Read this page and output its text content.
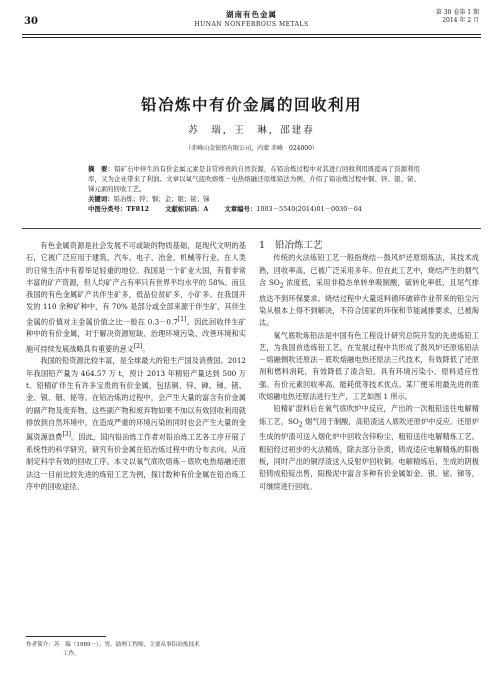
30
湖南有色金属
HUNAN NONFERROUS METALS
第 30 卷第 1 期
2014 年 2 月
铅冶炼中有价金属的回收利用
苏　瑞，王　琳，邵建春
（赤峰山金银铅有限公司，内蒙 赤峰　024000）

摘　要：铅矿石中伴生的有价金属元素是非常珍贵的自然资源，在铅冶炼过程中对其进行回收利用既提高了资源利用率，又为企业带来了利润。文章以氧气底吹熔炼－电热熔融还原炼铅法为例，介绍了铅冶炼过程中铜、锌、银、铋、锑元素的回收工艺。

关键词：铅冶炼；锌；铜；金；银；铋；锑

中图分类号：TF812	文献标识码：A	文章编号：1003－5540(2014)01－0030－04

有色金属资源是社会发展不可或缺的物质基础，是现代文明的基石，它被广泛应用于建筑、汽车、电子、冶金、机械等行业，在人类的日常生活中有着举足轻重的地位。我国是一个矿业大国，有着非常丰富的矿产资源，但人均矿产占有率只有世界平均水平的 58%。而且我国的有色金属矿产共伴生矿多，低品位贫矿多，小矿多。在我国开发的 110 余种矿种中，有 70% 是部分或全部来源于伴生矿，其伴生金属的价值对主金属价值之比一般在 0.3－0.7[1]。因此回收伴生矿种中的有价金属，对于解决资源短缺、治理环境污染、改善环境和实施可持续发展战略具有重要的意义[2]。

我国的铅资源比较丰富，是全球最大的铅生产国及消费国。2012 年我国铅产量为 464.57 万 t，预计 2013 年精铅产量达到 500 万 t。铅精矿伴生有许多宝贵的有价金属，包括铜、锌、砷、锑、锗、金、银、铟、铋等。在铅冶炼的过程中，会产生大量的富含有价金属的副产物及废弃物。这些副产物和废弃物如果不加以有效回收利用就排放到自然环境中，在造成严重的环境污染的同时也会产生大量的金属资源浪费[3]。因此，国内铅冶炼工作者对铅冶炼工艺各工序开展了系统性的科学研究，研究有价金属在铅冶炼过程中的分布去向，从而制定科学有效的回收工序。本文以氧气底吹熔炼－底吹电热熔融还原法这一目前比较先进的炼铅工艺为例，探讨数种有价金属在铅冶炼工序中的回收途径。

1 铅冶炼工艺

传统的火法炼铅工艺一般指烧结－鼓风炉还原熔炼法，其技术成熟，回收率高，已被广泛采用多年。但在此工艺中，烧结产生的烟气含 $SO_2$ 浓度低，采用非稳态单转单吸制酸，硫转化率低，且尾气排放达不到环保要求。烧结过程中大量返料循环破碎作业带来的铅尘污染从根本上得不到解决，不符合国家的环保和节能减排要求，已被淘汰。

氧气底吹炼铅法是中国有色工程设计研究总院开发的先进炼铅工艺，为我国首选炼铅工艺，在发展过程中共形成了鼓风炉还原炼铅法－熔融侧吹还原法－底吹熔融电热还原法三代技术，有效降低了还原剂和燃料消耗，有效降低了渣含铅，具有环境污染小、原料适应性强、有价元素回收率高、能耗低等技术优点。某厂便采用最先进的底吹熔融电热还原法进行生产，工艺如图 1 所示。

铅精矿混料后在氧气底吹炉中反应，产出的一次粗铅送往电解精炼工艺，$SO_2$ 烟气用于制酸，高铅渣送入底吹还原炉中反应。还原炉生成的炉渣可送入烟化炉中回收含锌粉尘，粗铅送往电解精炼工艺。粗铅经过初步的火法精炼，除去部分杂质，铸成适应电解精炼的阳极板，同时产出的铜浮渣送入反射炉回收铜。电解精炼后，生成的阴极铅铸成铅锭出售，阳极泥中富含多种有价金属如金、银、铋、锑等，可继续进行回收。

作者简介：苏　瑞（1989－），男，助理工程师，主要从事铅冶炼技术
工作。
